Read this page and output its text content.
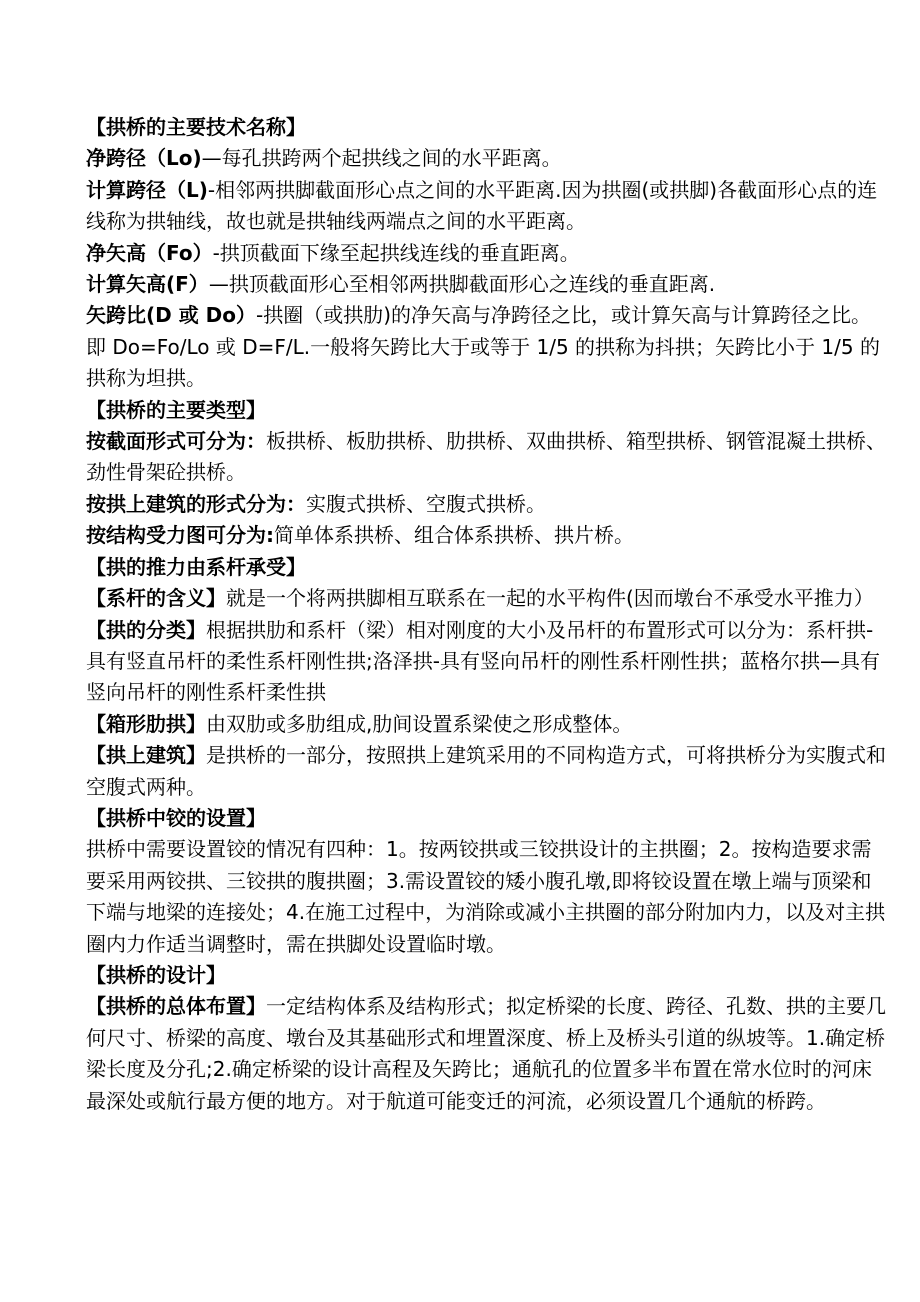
【拱桥的主要技术名称】

净跨径（Lo)—每孔拱跨两个起拱线之间的水平距离。

计算跨径（L)-相邻两拱脚截面形心点之间的水平距离.因为拱圈(或拱脚)各截面形心点的连线称为拱轴线，故也就是拱轴线两端点之间的水平距离。

净矢高（Fo）-拱顶截面下缘至起拱线连线的垂直距离。

计算矢高(F）—拱顶截面形心至相邻两拱脚截面形心之连线的垂直距离.

矢跨比(D 或 Do）-拱圈（或拱肋)的净矢高与净跨径之比，或计算矢高与计算跨径之比。即 Do=Fo/Lo 或 D=F/L.一般将矢跨比大于或等于 1/5 的拱称为抖拱；矢跨比小于 1/5 的拱称为坦拱。

【拱桥的主要类型】

按截面形式可分为：板拱桥、板肋拱桥、肋拱桥、双曲拱桥、箱型拱桥、钢管混凝土拱桥、劲性骨架砼拱桥。

按拱上建筑的形式分为：实腹式拱桥、空腹式拱桥。

按结构受力图可分为:简单体系拱桥、组合体系拱桥、拱片桥。

【拱的推力由系杆承受】

【系杆的含义】就是一个将两拱脚相互联系在一起的水平构件(因而墩台不承受水平推力）

【拱的分类】根据拱肋和系杆（梁）相对刚度的大小及吊杆的布置形式可以分为：系杆拱-具有竖直吊杆的柔性系杆刚性拱;洛泽拱-具有竖向吊杆的刚性系杆刚性拱；蓝格尔拱—具有竖向吊杆的刚性系杆柔性拱

【箱形肋拱】由双肋或多肋组成,肋间设置系梁使之形成整体。

【拱上建筑】是拱桥的一部分，按照拱上建筑采用的不同构造方式，可将拱桥分为实腹式和空腹式两种。

【拱桥中铰的设置】

拱桥中需要设置铰的情况有四种：1。按两铰拱或三铰拱设计的主拱圈；2。按构造要求需要采用两铰拱、三铰拱的腹拱圈；3.需设置铰的矮小腹孔墩,即将铰设置在墩上端与顶梁和下端与地梁的连接处；4.在施工过程中，为消除或减小主拱圈的部分附加内力，以及对主拱圈内力作适当调整时，需在拱脚处设置临时墩。

【拱桥的设计】

【拱桥的总体布置】一定结构体系及结构形式；拟定桥梁的长度、跨径、孔数、拱的主要几何尺寸、桥梁的高度、墩台及其基础形式和埋置深度、桥上及桥头引道的纵坡等。1.确定桥梁长度及分孔;2.确定桥梁的设计高程及矢跨比；通航孔的位置多半布置在常水位时的河床最深处或航行最方便的地方。对于航道可能变迁的河流，必须设置几个通航的桥跨。
